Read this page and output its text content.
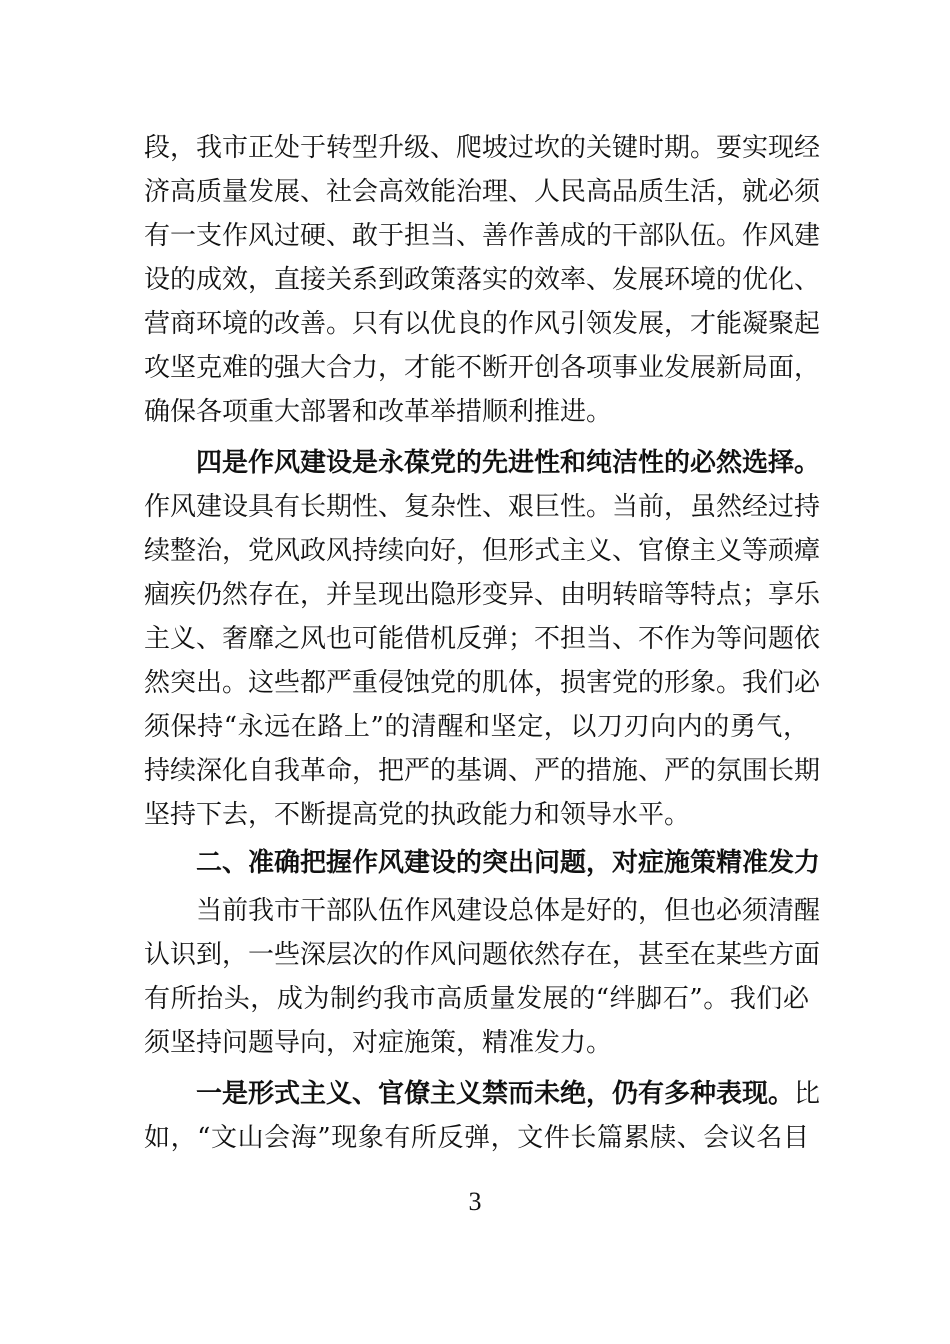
段，我市正处于转型升级、爬坡过坎的关键时期。要实现经
济高质量发展、社会高效能治理、人民高品质生活，就必须
有一支作风过硬、敢于担当、善作善成的干部队伍。作风建
设的成效，直接关系到政策落实的效率、发展环境的优化、
营商环境的改善。只有以优良的作风引领发展，才能凝聚起
攻坚克难的强大合力，才能不断开创各项事业发展新局面，
确保各项重大部署和改革举措顺利推进。
四是作风建设是永葆党的先进性和纯洁性的必然选择。
作风建设具有长期性、复杂性、艰巨性。当前，虽然经过持
续整治，党风政风持续向好，但形式主义、官僚主义等顽瘴
痼疾仍然存在，并呈现出隐形变异、由明转暗等特点；享乐
主义、奢靡之风也可能借机反弹；不担当、不作为等问题依
然突出。这些都严重侵蚀党的肌体，损害党的形象。我们必
须保持“永远在路上”的清醒和坚定，以刀刃向内的勇气，
持续深化自我革命，把严的基调、严的措施、严的氛围长期
坚持下去，不断提高党的执政能力和领导水平。
二、准确把握作风建设的突出问题，对症施策精准发力
当前我市干部队伍作风建设总体是好的，但也必须清醒
认识到，一些深层次的作风问题依然存在，甚至在某些方面
有所抬头，成为制约我市高质量发展的“绊脚石”。我们必
须坚持问题导向，对症施策，精准发力。
一是形式主义、官僚主义禁而未绝，仍有多种表现。比
如，“文山会海”现象有所反弹，文件长篇累牍、会议名目
3
